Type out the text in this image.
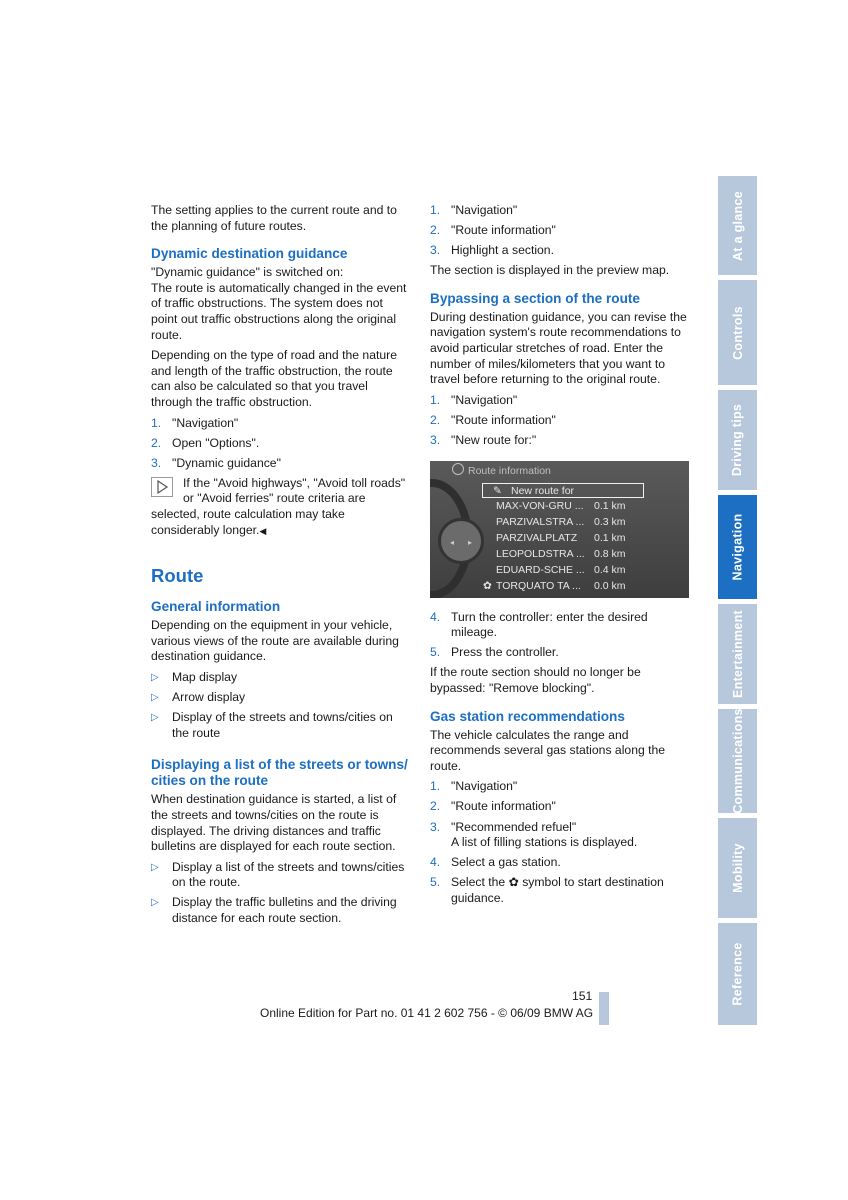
The setting applies to the current route and to the planning of future routes.

Dynamic destination guidance

"Dynamic guidance" is switched on:

The route is automatically changed in the event of traffic obstructions. The system does not point out traffic obstructions along the original route.

Depending on the type of road and the nature and length of the traffic obstruction, the route can also be calculated so that you travel through the traffic obstruction.

1. "Navigation"
2. Open "Options".
3. "Dynamic guidance"

If the "Avoid highways", "Avoid toll roads" or "Avoid ferries" route criteria are

selected, route calculation may take considerably longer.◀

Route
General information

Depending on the equipment in your vehicle, various views of the route are available during destination guidance.

▷ Map display
▷ Arrow display
▷ Display of the streets and towns/cities on the route
Displaying a list of the streets or towns/ cities on the route

When destination guidance is started, a list of the streets and towns/cities on the route is displayed. The driving distances and traffic bulletins are displayed for each route section.

▷ Display a list of the streets and towns/cities on the route.
▷ Display the traffic bulletins and the driving distance for each route section.
1. "Navigation"
2. "Route information"
3. Highlight a section.

The section is displayed in the preview map.

Bypassing a section of the route

During destination guidance, you can revise the navigation system's route recommendations to avoid particular stretches of road. Enter the number of miles/kilometers that you want to travel before returning to the original route.

1. "Navigation"
2. "Route information"
3. "New route for:"
◂ ▸
Route information
✎ New route for
MAX-VON-GRU ... 0.1 km
PARZIVALSTRA ... 0.3 km
PARZIVALPLATZ 0.1 km
LEOPOLDSTRA ... 0.8 km
EDUARD-SCHE ... 0.4 km
✿ TORQUATO TA ... 0.0 km
4. Turn the controller: enter the desired mileage.
5. Press the controller.

If the route section should no longer be bypassed: "Remove blocking".

Gas station recommendations

The vehicle calculates the range and recommends several gas stations along the route.

1. "Navigation"
2. "Route information"
3. "Recommended refuel"
A list of filling stations is displayed.
4. Select a gas station.
5. Select the ✿ symbol to start destination guidance.
At a glance
Controls
Driving tips
Navigation
Entertainment
Communications
Mobility
Reference
151
Online Edition for Part no. 01 41 2 602 756 - © 06/09 BMW AG
